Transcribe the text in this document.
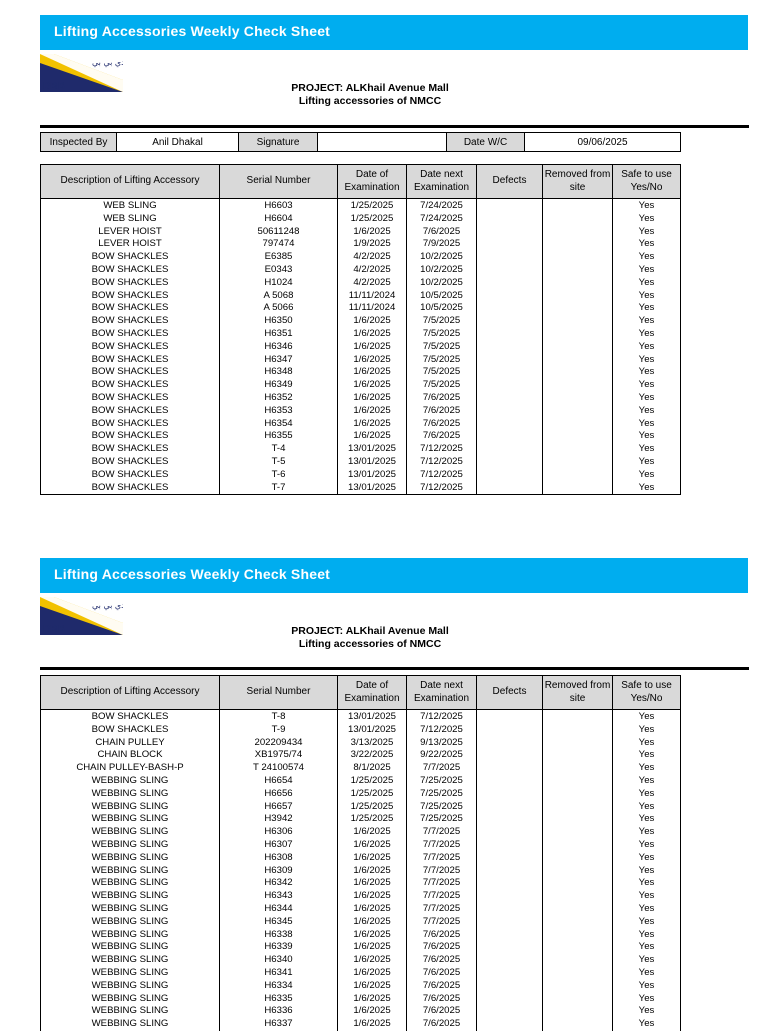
Lifting Accessories Weekly Check Sheet
دي بي بي
DBB	PROJECT: ALKhail Avenue Mall
Lifting accessories of NMCC
Inspected By	Anil Dhakal	Signature		Date W/C	09/06/2025
Description of Lifting Accessory	Serial Number	Date of Examination	Date next Examination	Defects	Removed from site	Safe to use Yes/No
WEB SLING	H6603	1/25/2025	7/24/2025			Yes
WEB SLING	H6604	1/25/2025	7/24/2025			Yes
LEVER HOIST	50611248	1/6/2025	7/6/2025			Yes
LEVER HOIST	797474	1/9/2025	7/9/2025			Yes
BOW SHACKLES	E6385	4/2/2025	10/2/2025			Yes
BOW SHACKLES	E0343	4/2/2025	10/2/2025			Yes
BOW SHACKLES	H1024	4/2/2025	10/2/2025			Yes
BOW SHACKLES	A 5068	11/11/2024	10/5/2025			Yes
BOW SHACKLES	A 5066	11/11/2024	10/5/2025			Yes
BOW SHACKLES	H6350	1/6/2025	7/5/2025			Yes
BOW SHACKLES	H6351	1/6/2025	7/5/2025			Yes
BOW SHACKLES	H6346	1/6/2025	7/5/2025			Yes
BOW SHACKLES	H6347	1/6/2025	7/5/2025			Yes
BOW SHACKLES	H6348	1/6/2025	7/5/2025			Yes
BOW SHACKLES	H6349	1/6/2025	7/5/2025			Yes
BOW SHACKLES	H6352	1/6/2025	7/6/2025			Yes
BOW SHACKLES	H6353	1/6/2025	7/6/2025			Yes
BOW SHACKLES	H6354	1/6/2025	7/6/2025			Yes
BOW SHACKLES	H6355	1/6/2025	7/6/2025			Yes
BOW SHACKLES	T-4	13/01/2025	7/12/2025			Yes
BOW SHACKLES	T-5	13/01/2025	7/12/2025			Yes
BOW SHACKLES	T-6	13/01/2025	7/12/2025			Yes
BOW SHACKLES	T-7	13/01/2025	7/12/2025			Yes
Lifting Accessories Weekly Check Sheet
دي بي بي
DBB	PROJECT: ALKhail Avenue Mall
Lifting accessories of NMCC
Description of Lifting Accessory	Serial Number	Date of Examination	Date next Examination	Defects	Removed from site	Safe to use Yes/No
BOW SHACKLES	T-8	13/01/2025	7/12/2025			Yes
BOW SHACKLES	T-9	13/01/2025	7/12/2025			Yes
CHAIN PULLEY	202209434	3/13/2025	9/13/2025			Yes
CHAIN BLOCK	XB1975/74	3/22/2025	9/22/2025			Yes
CHAIN PULLEY-BASH-P	T 24100574	8/1/2025	7/7/2025			Yes
WEBBING SLING	H6654	1/25/2025	7/25/2025			Yes
WEBBING SLING	H6656	1/25/2025	7/25/2025			Yes
WEBBING SLING	H6657	1/25/2025	7/25/2025			Yes
WEBBING SLING	H3942	1/25/2025	7/25/2025			Yes
WEBBING SLING	H6306	1/6/2025	7/7/2025			Yes
WEBBING SLING	H6307	1/6/2025	7/7/2025			Yes
WEBBING SLING	H6308	1/6/2025	7/7/2025			Yes
WEBBING SLING	H6309	1/6/2025	7/7/2025			Yes
WEBBING SLING	H6342	1/6/2025	7/7/2025			Yes
WEBBING SLING	H6343	1/6/2025	7/7/2025			Yes
WEBBING SLING	H6344	1/6/2025	7/7/2025			Yes
WEBBING SLING	H6345	1/6/2025	7/7/2025			Yes
WEBBING SLING	H6338	1/6/2025	7/6/2025			Yes
WEBBING SLING	H6339	1/6/2025	7/6/2025			Yes
WEBBING SLING	H6340	1/6/2025	7/6/2025			Yes
WEBBING SLING	H6341	1/6/2025	7/6/2025			Yes
WEBBING SLING	H6334	1/6/2025	7/6/2025			Yes
WEBBING SLING	H6335	1/6/2025	7/6/2025			Yes
WEBBING SLING	H6336	1/6/2025	7/6/2025			Yes
WEBBING SLING	H6337	1/6/2025	7/6/2025			Yes
